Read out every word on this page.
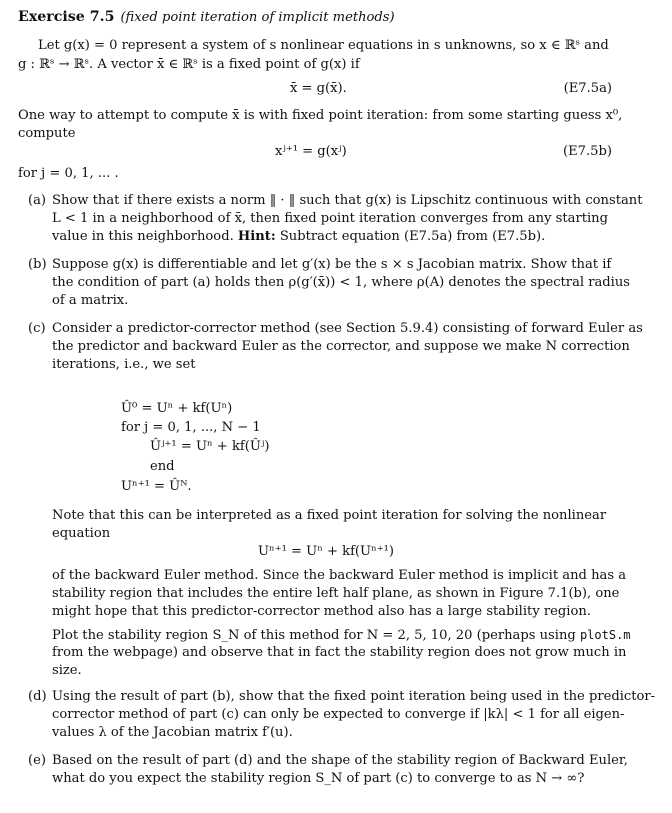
Exercise 7.5 (fixed point iteration of implicit methods)
Let g(x) = 0 represent a system of s nonlinear equations in s unknowns, so x ∈ ℝˢ and
g : ℝˢ → ℝˢ. A vector x̄ ∈ ℝˢ is a fixed point of g(x) if
x̄ = g(x̄).	(E7.5a)
One way to attempt to compute x̄ is with fixed point iteration: from some starting guess x⁰,
compute
xʲ⁺¹ = g(xʲ)	(E7.5b)
for j = 0, 1, ... .
(a) Show that if there exists a norm ‖ · ‖ such that g(x) is Lipschitz continuous with constant
L < 1 in a neighborhood of x̄, then fixed point iteration converges from any starting
value in this neighborhood. Hint: Subtract equation (E7.5a) from (E7.5b).
(b) Suppose g(x) is differentiable and let g′(x) be the s × s Jacobian matrix. Show that if
the condition of part (a) holds then ρ(g′(x̄)) < 1, where ρ(A) denotes the spectral radius
of a matrix.
(c) Consider a predictor-corrector method (see Section 5.9.4) consisting of forward Euler as
the predictor and backward Euler as the corrector, and suppose we make N correction
iterations, i.e., we set
Û⁰ = Uⁿ + kf(Uⁿ)
for j = 0, 1, ..., N − 1
Ûʲ⁺¹ = Uⁿ + kf(Ûʲ)
end
Uⁿ⁺¹ = Ûᴺ.
Note that this can be interpreted as a fixed point iteration for solving the nonlinear
equation
Uⁿ⁺¹ = Uⁿ + kf(Uⁿ⁺¹)
of the backward Euler method. Since the backward Euler method is implicit and has a
stability region that includes the entire left half plane, as shown in Figure 7.1(b), one
might hope that this predictor-corrector method also has a large stability region.
Plot the stability region S_N of this method for N = 2, 5, 10, 20 (perhaps using plotS.m
from the webpage) and observe that in fact the stability region does not grow much in
size.
(d) Using the result of part (b), show that the fixed point iteration being used in the predictor-
corrector method of part (c) can only be expected to converge if |kλ| < 1 for all eigen-
values λ of the Jacobian matrix f′(u).
(e) Based on the result of part (d) and the shape of the stability region of Backward Euler,
what do you expect the stability region S_N of part (c) to converge to as N → ∞?
